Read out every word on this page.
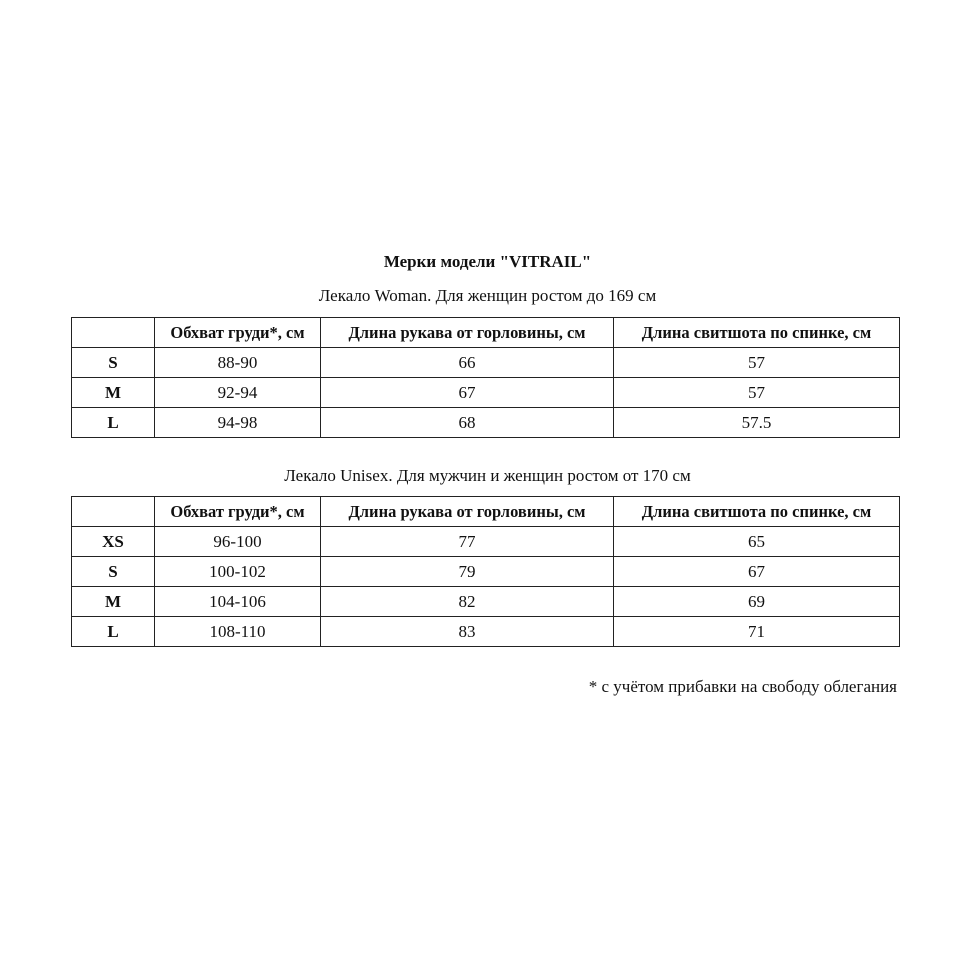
Мерки модели "VITRAIL"
Лекало Woman. Для женщин ростом до 169 см
	Обхват груди*, см	Длина рукава от горловины, см	Длина свитшота по спинке, см
S	88-90	66	57
M	92-94	67	57
L	94-98	68	57.5
Лекало Unisex. Для мужчин и женщин ростом от 170 см
	Обхват груди*, см	Длина рукава от горловины, см	Длина свитшота по спинке, см
XS	96-100	77	65
S	100-102	79	67
M	104-106	82	69
L	108-110	83	71
* с учётом прибавки на свободу облегания
